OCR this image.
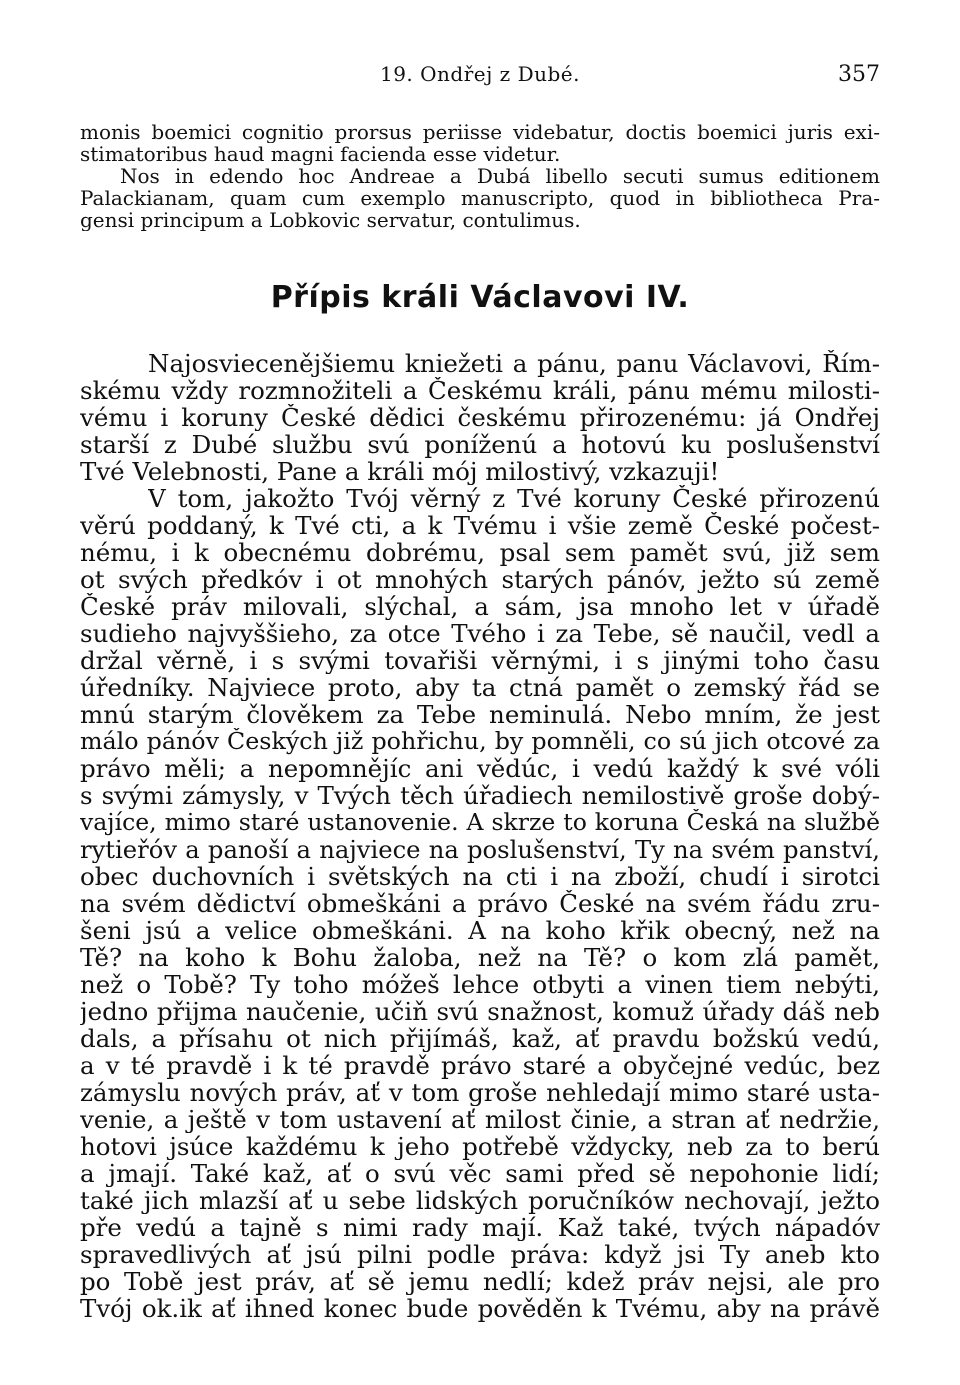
19. Ondřej z Dubé.	357
monis boemici cognitio prorsus periisse videbatur, doctis boemici juris exi-
stimatoribus haud magni facienda esse videtur.
Nos in edendo hoc Andreae a Dubá libello secuti sumus editionem
Palackianam, quam cum exemplo manuscripto, quod in bibliotheca Pra-
gensi principum a Lobkovic servatur, contulimus.
Přípis králi Václavovi IV.
Najosviecenějšiemu kniežeti a pánu, panu Václavovi, Řím-
skému vždy rozmnožiteli a Českému králi, pánu mému milosti-
vému i koruny České dědici českému přirozenému: já Ondřej
starší z Dubé službu svú poníženú a hotovú ku poslušenství
Tvé Velebnosti, Pane a králi mój milostivý, vzkazuji!
V tom, jakožto Tvój věrný z Tvé koruny České přirozenú
věrú poddaný, k Tvé cti, a k Tvému i všie země České počest-
nému, i k obecnému dobrému, psal sem pamět svú, již sem
ot svých předkóv i ot mnohých starých pánóv, ježto sú země
České práv milovali, slýchal, a sám, jsa mnoho let v úřadě
sudieho najvyššieho, za otce Tvého i za Tebe, sě naučil, vedl a
držal věrně, i s svými tovařiši věrnými, i s jinými toho času
úředníky. Najviece proto, aby ta ctná pamět o zemský řád se
mnú starým člověkem za Tebe neminulá. Nebo mním, že jest
málo pánóv Českých již pohřichu, by pomněli, co sú jich otcové za
právo měli; a nepomnějíc ani vědúc, i vedú každý k své vóli
s svými zámysly, v Tvých těch úřadiech nemilostivě groše dobý-
vajíce, mimo staré ustanovenie. A skrze to koruna Česká na službě
rytieřóv a panoší a najviece na poslušenství, Ty na svém panství,
obec duchovních i světských na cti i na zboží, chudí i sirotci
na svém dědictví obmeškáni a právo České na svém řádu zru-
šeni jsú a velice obmeškáni. A na koho křik obecný, než na
Tě? na koho k Bohu žaloba, než na Tě? o kom zlá pamět,
než o Tobě? Ty toho móžeš lehce otbyti a vinen tiem nebýti,
jedno přijma naučenie, učiň svú snažnost, komuž úřady dáš neb
dals, a přísahu ot nich přijímáš, kaž, ať pravdu božskú vedú,
a v té pravdě i k té pravdě právo staré a obyčejné vedúc, bez
zámyslu nových práv, ať v tom groše nehledají mimo staré usta-
venie, a ještě v tom ustavení ať milost činie, a stran ať nedržie,
hotovi jsúce každému k jeho potřebě vždycky, neb za to berú
a jmají. Také kaž, ať o svú věc sami před sě nepohonie lidí;
také jich mlazší ať u sebe lidských poručníków nechovají, ježto
pře vedú a tajně s nimi rady mají. Kaž také, tvých nápadóv
spravedlivých ať jsú pilni podle práva: když jsi Ty aneb kto
po Tobě jest práv, ať sě jemu nedlí; kdež práv nejsi, ale pro
Tvój ok.ik ať ihned konec bude pověděn k Tvému, aby na právě
